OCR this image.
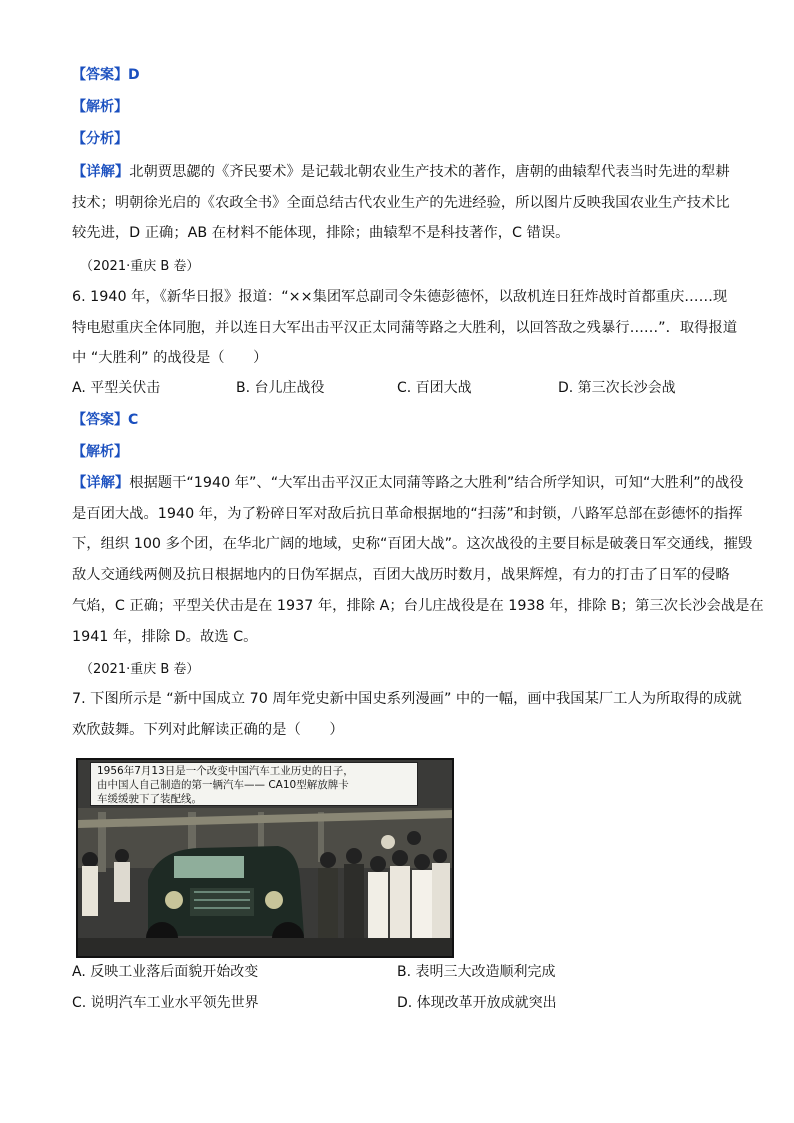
【答案】D
【解析】
【分析】
【详解】北朝贾思勰的《齐民要术》是记载北朝农业生产技术的著作，唐朝的曲辕犁代表当时先进的犁耕
技术；明朝徐光启的《农政全书》全面总结古代农业生产的先进经验，所以图片反映我国农业生产技术比
较先进，D 正确；AB 在材料不能体现，排除；曲辕犁不是科技著作，C 错误。
（2021·重庆 B 卷）
6. 1940 年，《新华日报》报道：“××集团军总副司令朱德彭德怀，以敌机连日狂炸战时首都重庆……现
特电慰重庆全体同胞，并以连日大军出击平汉正太同蒲等路之大胜利，以回答敌之残暴行……”．取得报道
中 “大胜利” 的战役是（　　）
A. 平型关伏击	B. 台儿庄战役	C. 百团大战	D. 第三次长沙会战
【答案】C
【解析】
【详解】根据题干“1940 年”、“大军出击平汉正太同蒲等路之大胜利”结合所学知识，可知“大胜利”的战役
是百团大战。1940 年，为了粉碎日军对敌后抗日革命根据地的“扫荡”和封锁，八路军总部在彭德怀的指挥
下，组织 100 多个团，在华北广阔的地域，史称“百团大战”。这次战役的主要目标是破袭日军交通线，摧毁
敌人交通线两侧及抗日根据地内的日伪军据点，百团大战历时数月，战果辉煌，有力的打击了日军的侵略
气焰，C 正确；平型关伏击是在 1937 年，排除 A；台儿庄战役是在 1938 年，排除 B；第三次长沙会战是在
1941 年，排除 D。故选 C。
（2021·重庆 B 卷）
7. 下图所示是 “新中国成立 70 周年党史新中国史系列漫画” 中的一幅，画中我国某厂工人为所取得的成就
欢欣鼓舞。下列对此解读正确的是（　　）
1956年7月13日是一个改变中国汽车工业历史的日子，
由中国人自己制造的第一辆汽车—— CA10型解放牌卡
车缓缓驶下了装配线。
A. 反映工业落后面貌开始改变	B. 表明三大改造顺利完成
C. 说明汽车工业水平领先世界	D. 体现改革开放成就突出
